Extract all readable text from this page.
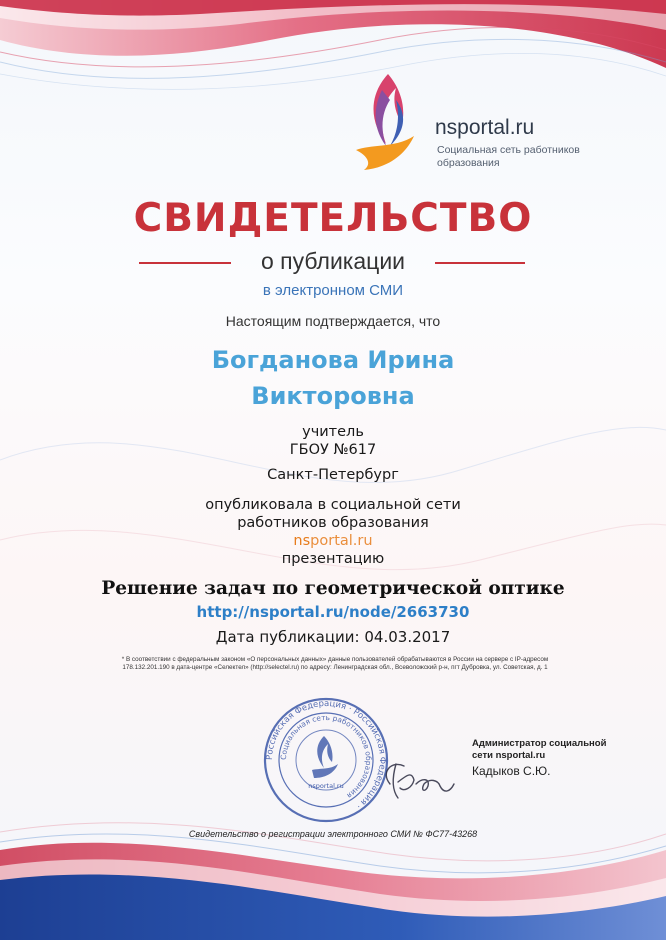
nsportal.ru
Социальная сеть работников
образования
СВИДЕТЕЛЬСТВО
о публикации
в электронном СМИ
Настоящим подтверждается, что
Богданова Ирина
Викторовна
учитель
ГБОУ №617
Санкт-Петербург
опубликовала в социальной сети
работников образования
nsportal.ru
презентацию
Решение задач по геометрической оптике
http://nsportal.ru/node/2663730
Дата публикации: 04.03.2017
* В соответствии с федеральным законом «О персональных данных» данные пользователей обрабатываются в России на сервере с IP-адресом
178.132.201.190 в дата-центре «Селектел» (http://selectel.ru) по адресу: Ленинградская обл., Всеволожский р-н, пгт Дубровка, ул. Советская, д. 1
Российская Федерация · Российская Федерация ·
Социальная сеть работников образования
nsportal.ru
Администратор социальной
сети nsportal.ru
Кадыков С.Ю.
Свидетельство о регистрации электронного СМИ № ФС77-43268
